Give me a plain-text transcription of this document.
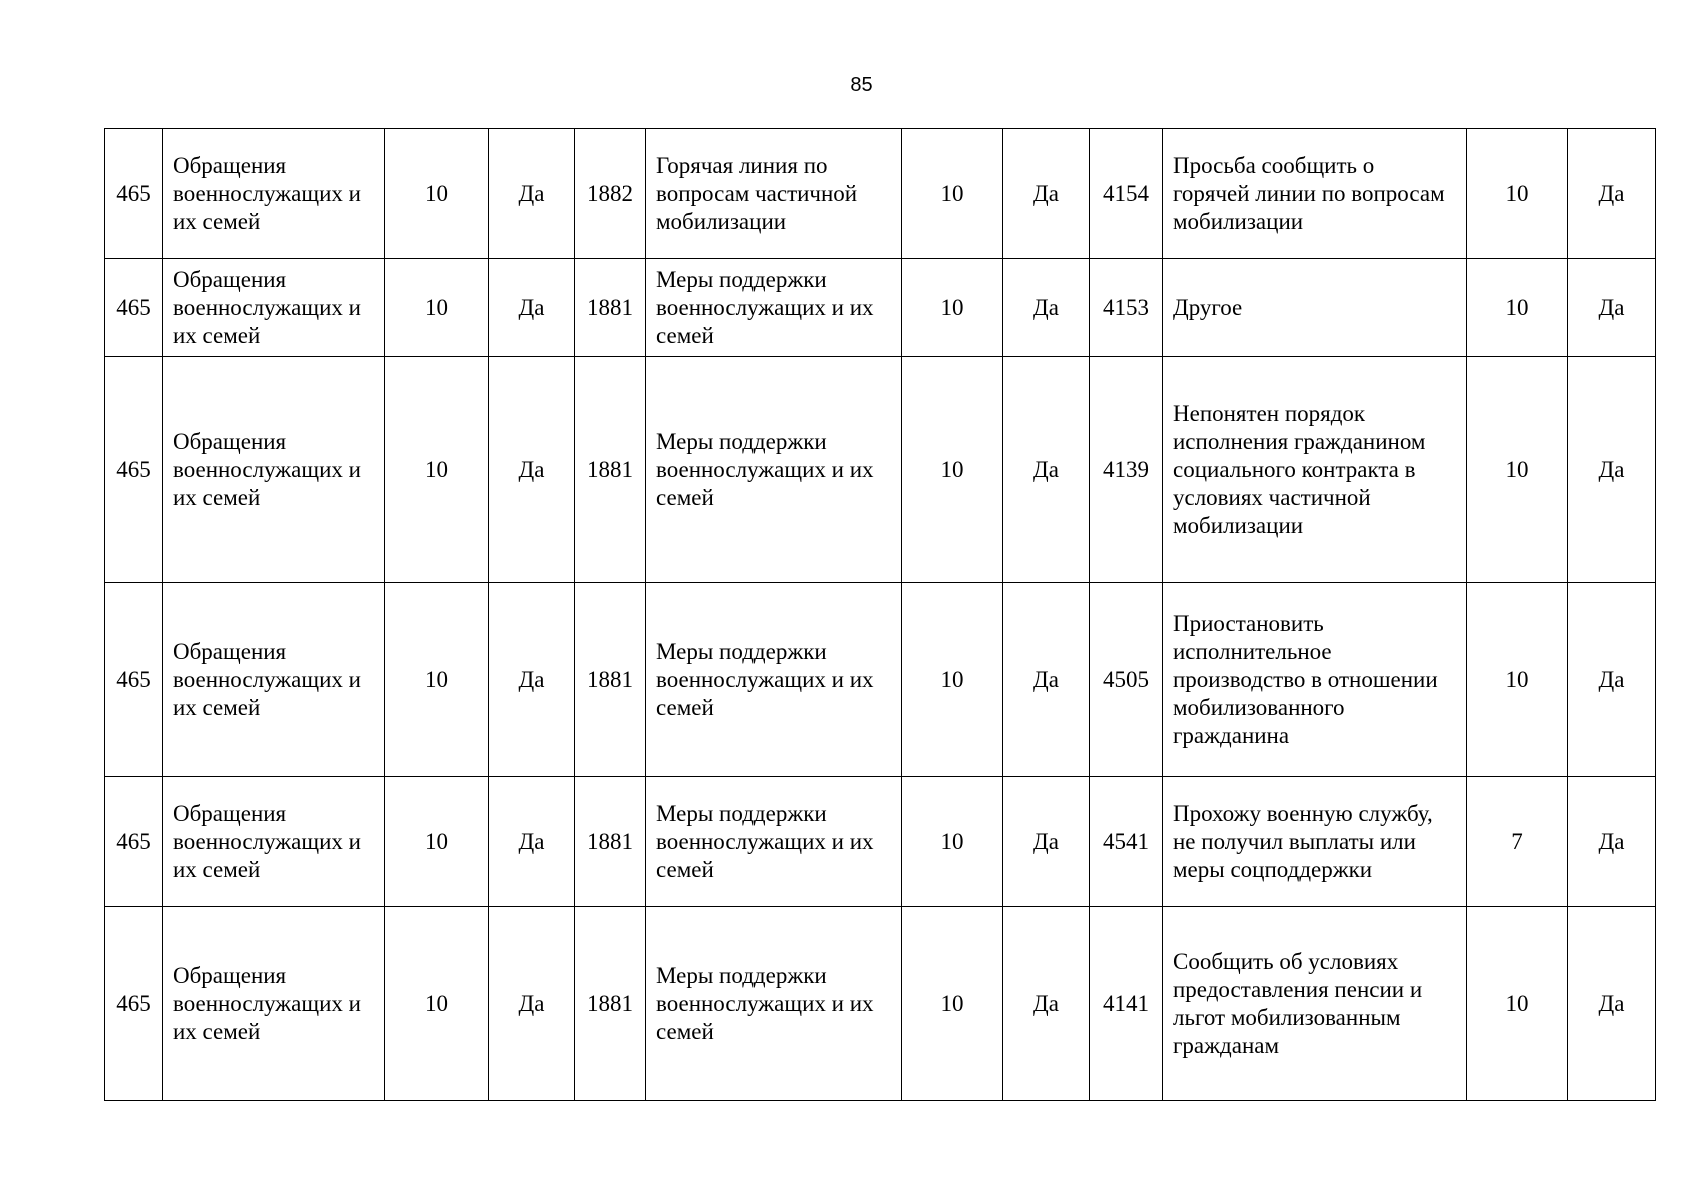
85
465	Обращения военнослужащих и их семей	10	Да	1882	Горячая линия по вопросам частичной мобилизации	10	Да	4154	Просьба сообщить о горячей линии по вопросам мобилизации	10	Да
465	Обращения военнослужащих и их семей	10	Да	1881	Меры поддержки военнослужащих и их семей	10	Да	4153	Другое	10	Да
465	Обращения военнослужащих и их семей	10	Да	1881	Меры поддержки военнослужащих и их семей	10	Да	4139	Непонятен порядок исполнения гражданином социального контракта в условиях частичной мобилизации	10	Да
465	Обращения военнослужащих и их семей	10	Да	1881	Меры поддержки военнослужащих и их семей	10	Да	4505	Приостановить исполнительное производство в отношении мобилизованного гражданина	10	Да
465	Обращения военнослужащих и их семей	10	Да	1881	Меры поддержки военнослужащих и их семей	10	Да	4541	Прохожу военную службу, не получил выплаты или меры соцподдержки	7	Да
465	Обращения военнослужащих и их семей	10	Да	1881	Меры поддержки военнослужащих и их семей	10	Да	4141	Сообщить об условиях предоставления пенсии и льгот мобилизованным гражданам	10	Да
